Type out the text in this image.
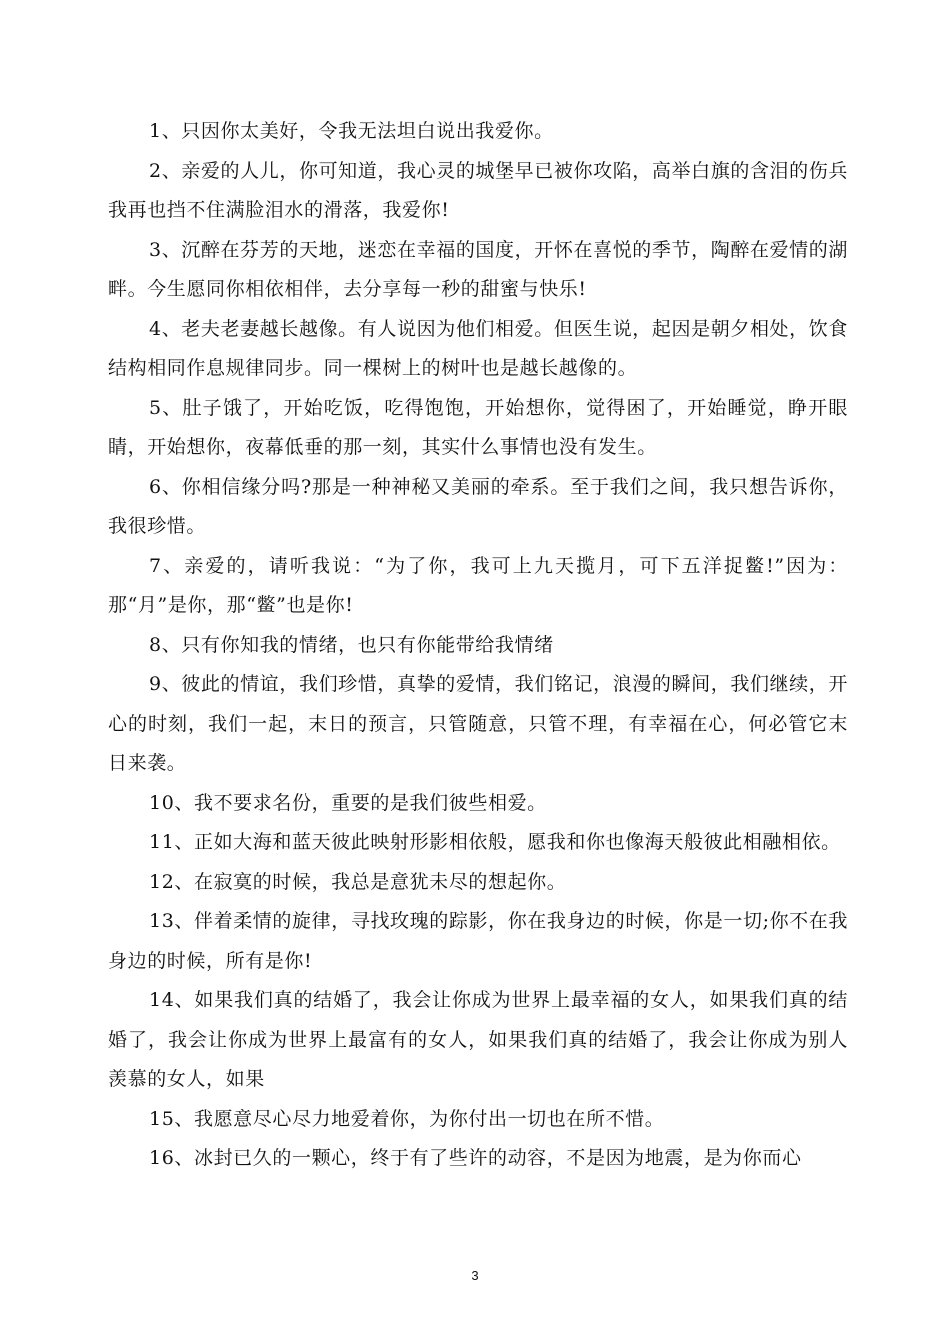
1、只因你太美好，令我无法坦白说出我爱你。

2、亲爱的人儿，你可知道，我心灵的城堡早已被你攻陷，高举白旗的含泪的伤兵我再也挡不住满脸泪水的滑落，我爱你!

3、沉醉在芬芳的天地，迷恋在幸福的国度，开怀在喜悦的季节，陶醉在爱情的湖畔。今生愿同你相依相伴，去分享每一秒的甜蜜与快乐!

4、老夫老妻越长越像。有人说因为他们相爱。但医生说，起因是朝夕相处，饮食结构相同作息规律同步。同一棵树上的树叶也是越长越像的。

5、肚子饿了，开始吃饭，吃得饱饱，开始想你，觉得困了，开始睡觉，睁开眼睛，开始想你，夜幕低垂的那一刻，其实什么事情也没有发生。

6、你相信缘分吗?那是一种神秘又美丽的牵系。至于我们之间，我只想告诉你，我很珍惜。

7、亲爱的，请听我说：“为了你，我可上九天揽月，可下五洋捉鳖!”因为：那“月”是你，那“鳖”也是你!

8、只有你知我的情绪，也只有你能带给我情绪

9、彼此的情谊，我们珍惜，真挚的爱情，我们铭记，浪漫的瞬间，我们继续，开心的时刻，我们一起，末日的预言，只管随意，只管不理，有幸福在心，何必管它末日来袭。

10、我不要求名份，重要的是我们彼些相爱。

11、正如大海和蓝天彼此映射形影相依般，愿我和你也像海天般彼此相融相依。

12、在寂寞的时候，我总是意犹未尽的想起你。

13、伴着柔情的旋律，寻找玫瑰的踪影，你在我身边的时候，你是一切;你不在我身边的时候，所有是你!

14、如果我们真的结婚了，我会让你成为世界上最幸福的女人，如果我们真的结婚了，我会让你成为世界上最富有的女人，如果我们真的结婚了，我会让你成为别人羡慕的女人，如果

15、我愿意尽心尽力地爱着你，为你付出一切也在所不惜。

16、冰封已久的一颗心，终于有了些许的动容，不是因为地震，是为你而心

3
